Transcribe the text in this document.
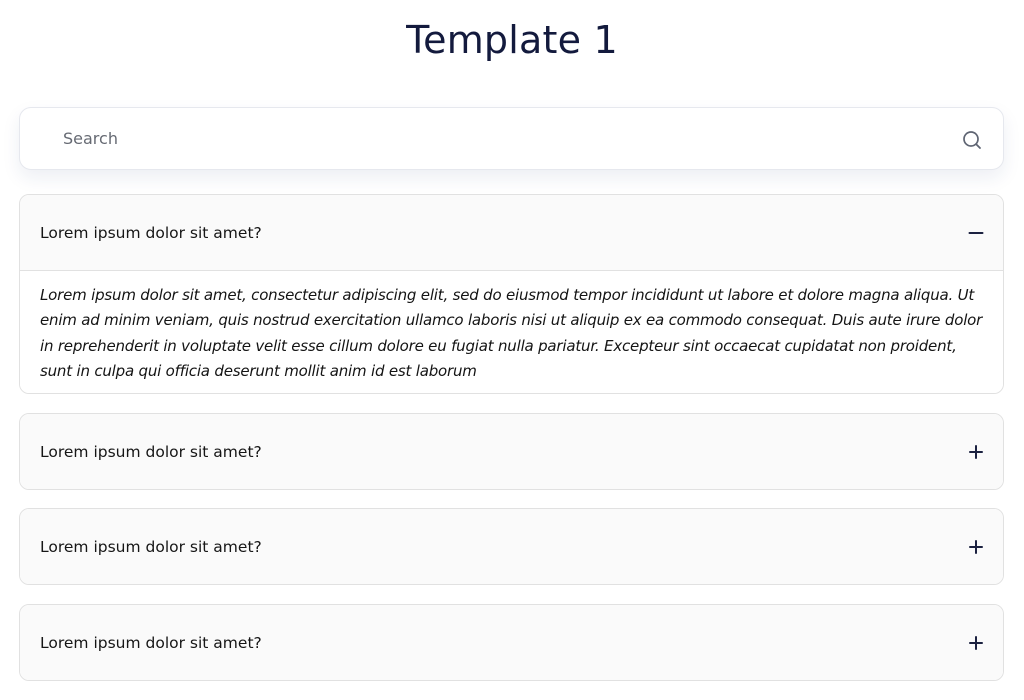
Template 1
Search
Lorem ipsum dolor sit amet?
Lorem ipsum dolor sit amet, consectetur adipiscing elit, sed do eiusmod tempor incididunt ut labore et dolore magna aliqua. Ut enim ad minim veniam, quis nostrud exercitation ullamco laboris nisi ut aliquip ex ea commodo consequat. Duis aute irure dolor in reprehenderit in voluptate velit esse cillum dolore eu fugiat nulla pariatur. Excepteur sint occaecat cupidatat non proident, sunt in culpa qui officia deserunt mollit anim id est laborum
Lorem ipsum dolor sit amet?
Lorem ipsum dolor sit amet?
Lorem ipsum dolor sit amet?
